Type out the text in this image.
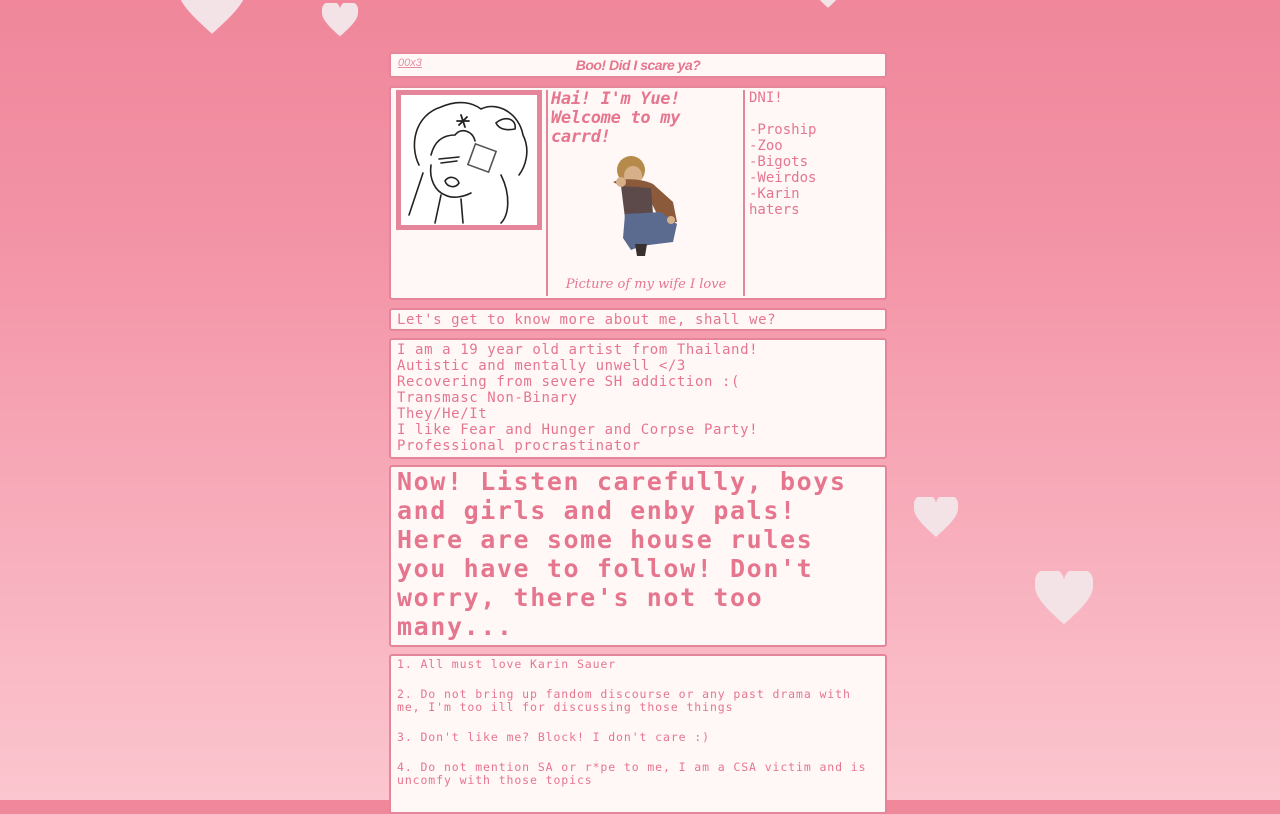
00x3	Boo! Did I scare ya?
Hai! I'm Yue! Welcome to my carrd!
Picture of my wife I love
DNI!
-Proship
-Zoo
-Bigots
-Weirdos
-Karin haters
Let's get to know more about me, shall we?
I am a 19 year old artist from Thailand!
Autistic and mentally unwell </3
Recovering from severe SH addiction :(
Transmasc Non-Binary
They/He/It
I like Fear and Hunger and Corpse Party!
Professional procrastinator
Now! Listen carefully, boys and girls and enby pals! Here are some house rules you have to follow! Don't worry, there's not too many...
1. All must love Karin Sauer
2. Do not bring up fandom discourse or any past drama with me, I'm too ill for discussing those things
3. Don't like me? Block! I don't care :)
4. Do not mention SA or r*pe to me, I am a CSA victim and is uncomfy with those topics
